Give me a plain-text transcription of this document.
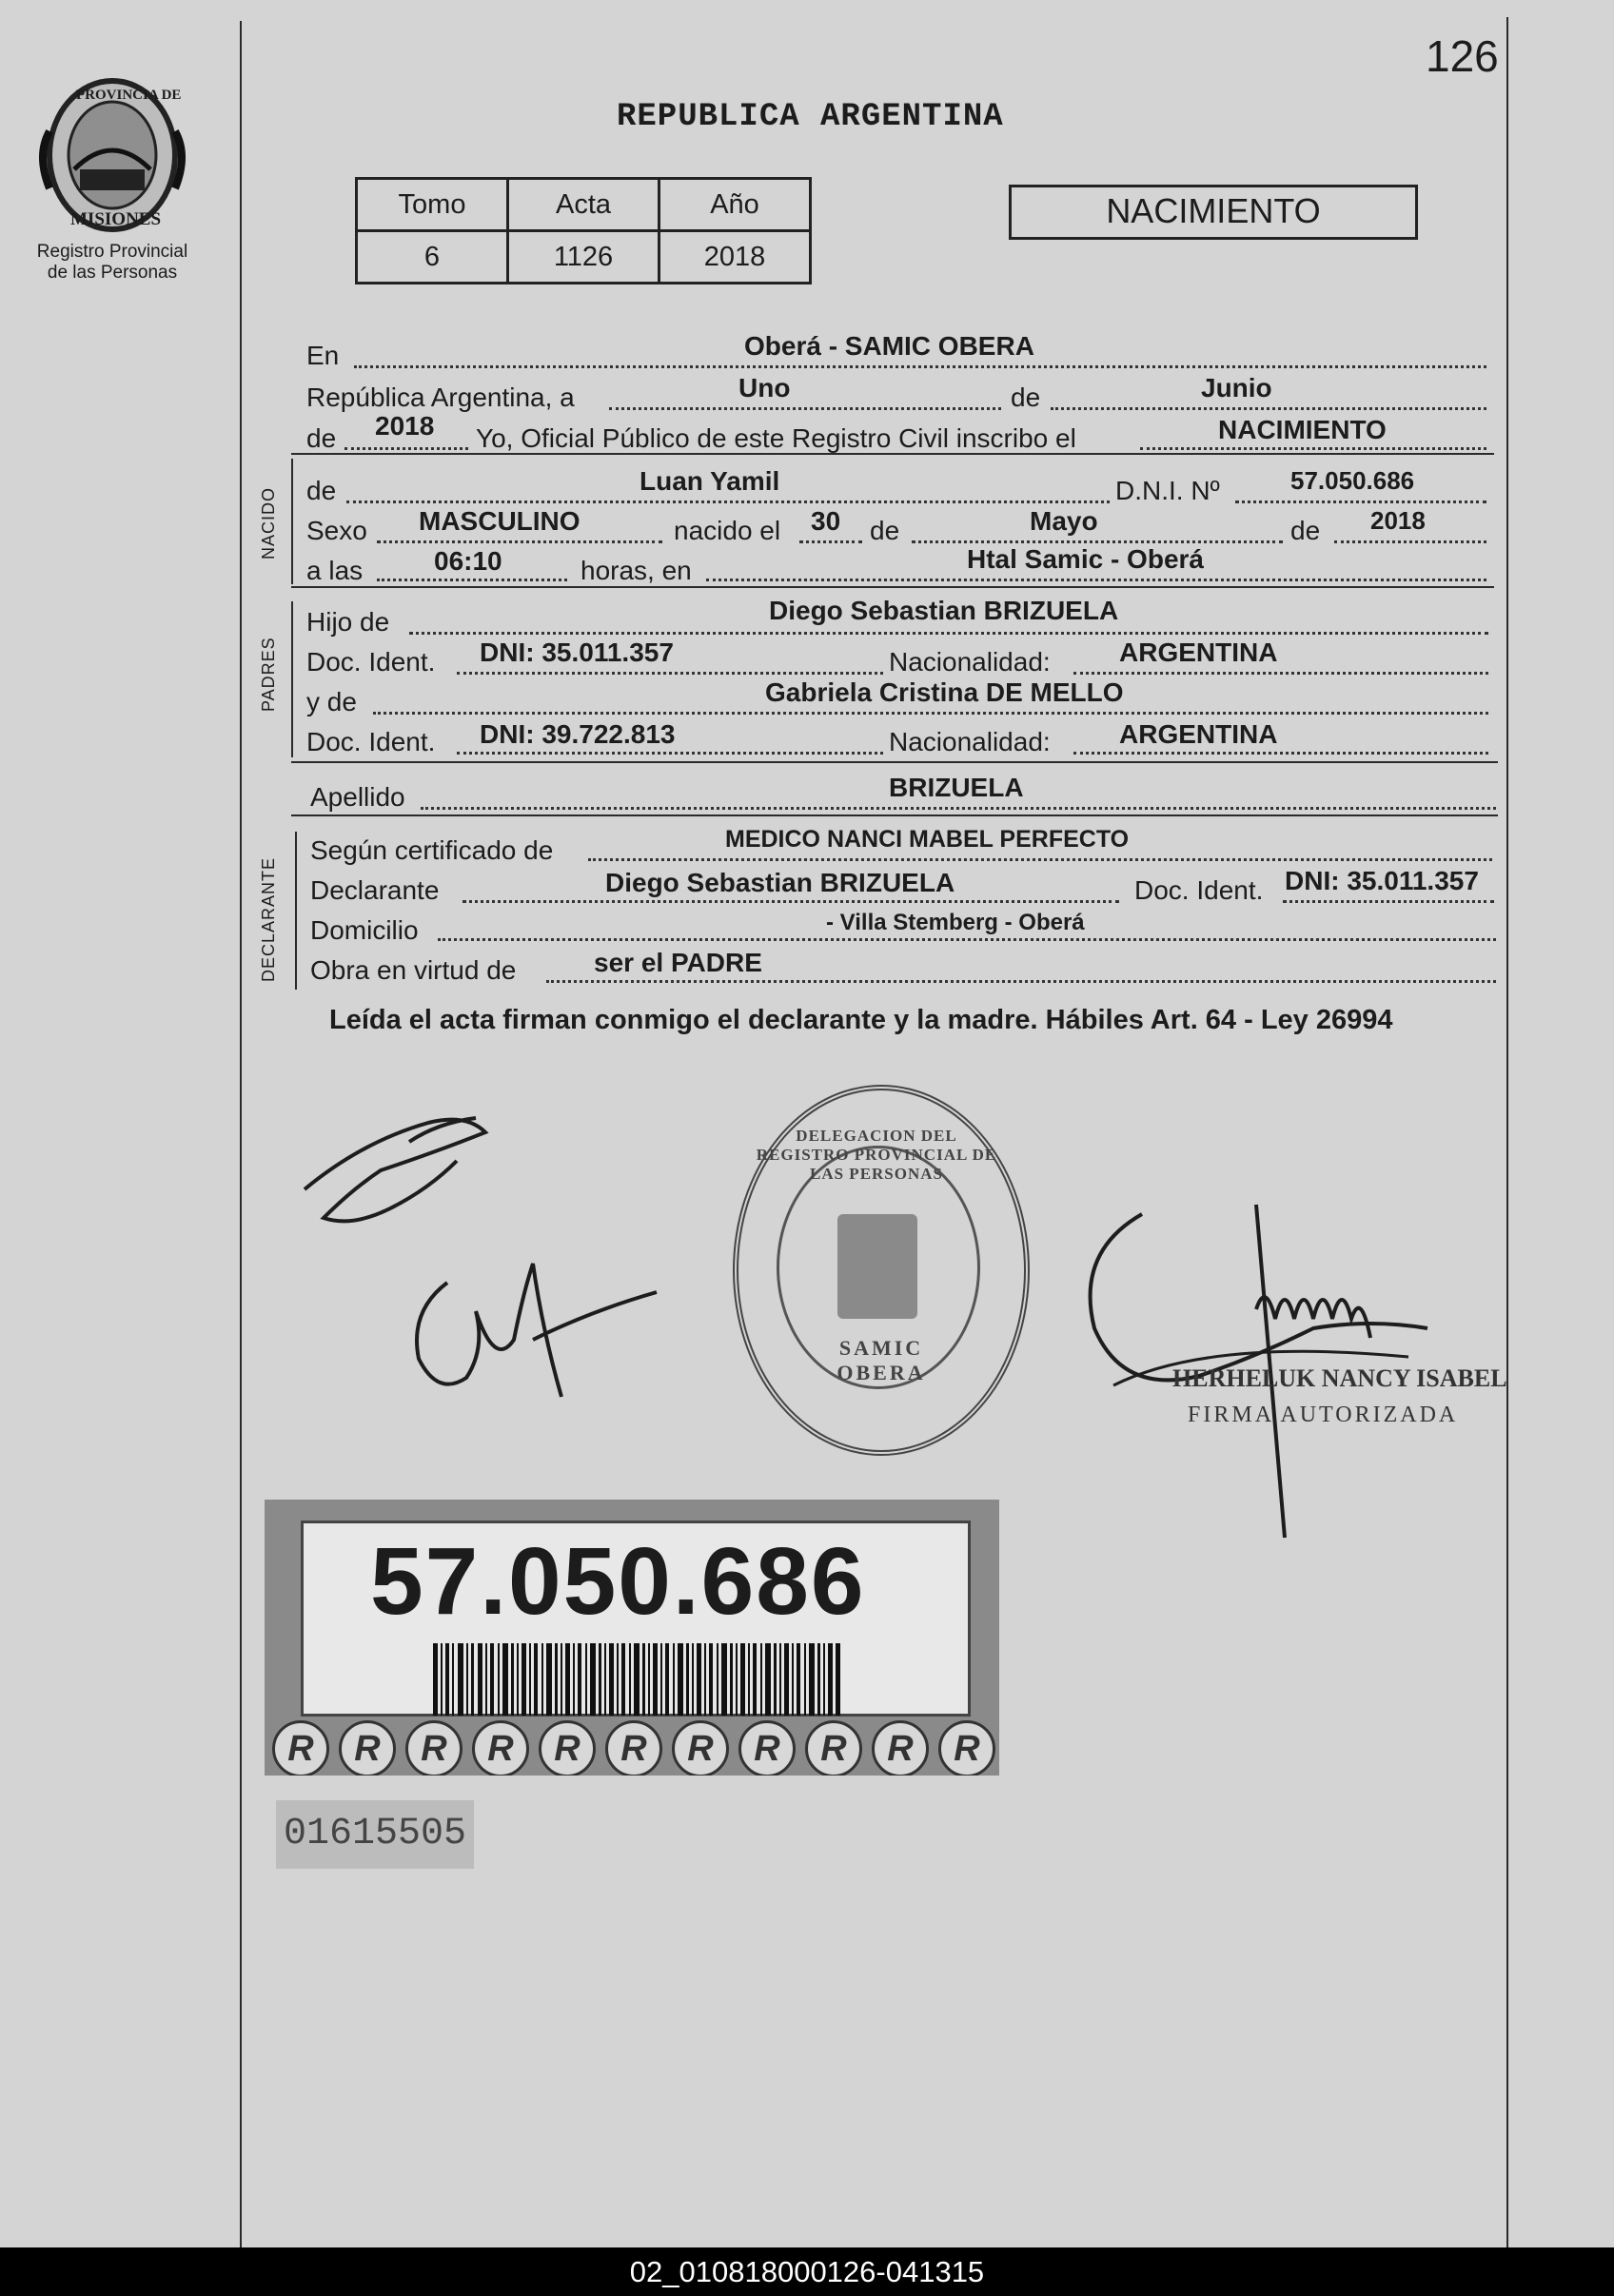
126
PROVINCIA DE
MISIONES
Registro Provincial
de las Personas
REPUBLICA ARGENTINA
Tomo	Acta	Año
6	1126	2018
NACIMIENTO
En	Oberá - SAMIC OBERA
República Argentina, a	Uno	de	Junio
de 2018 Yo, Oficial Público de este Registro Civil inscribo el	NACIMIENTO
NACIDO de	Luan Yamil	D.N.I. Nº	57.050.686
Sexo MASCULINO	nacido el 30 de	Mayo	de 2018
a las	06:10	horas, en	Htal Samic - Oberá
PADRES
Hijo de	Diego Sebastian BRIZUELA
Doc. Ident. DNI: 35.011.357	Nacionalidad:	ARGENTINA
y de	Gabriela Cristina DE MELLO
Doc. Ident. DNI: 39.722.813	Nacionalidad:	ARGENTINA
Apellido	BRIZUELA
DECLARANTE
Según certificado de	MEDICO NANCI MABEL PERFECTO
Declarante	Diego Sebastian BRIZUELA	Doc. Ident. DNI: 35.011.357
Domicilio	- Villa Stemberg - Oberá
Obra en virtud de	ser el PADRE
Leída el acta firman conmigo el declarante y la madre. Hábiles Art. 64 - Ley 26994
DELEGACION DEL REGISTRO PROVINCIAL DE LAS PERSONAS
SAMIC OBERA	HERHELUK NANCY ISABEL
FIRMA AUTORIZADA
R	R	R	R	R	R	R	R	R	R	R
57.050.686
01615505
02_010818000126-041315
